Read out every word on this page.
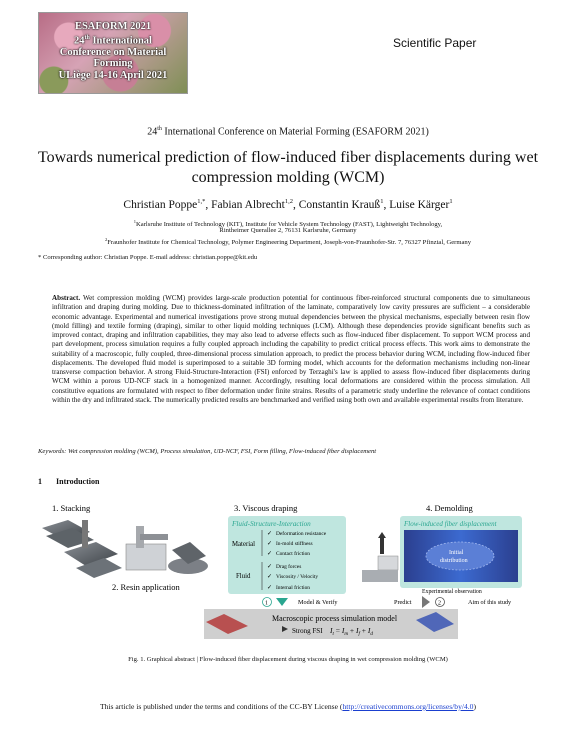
ESAFORM 2021
24th International
Conference on Material
Forming
ULiège 14-16 April 2021
Scientific Paper
24th International Conference on Material Forming (ESAFORM 2021)
Towards numerical prediction of flow-induced fiber displacements during wet compression molding (WCM)
Christian Poppe$^{1,*}$, Fabian Albrecht$^{1,2}$, Constantin Krauß$^1$, Luise Kärger$^1$
$^1$Karlsruhe Institute of Technology (KIT), Institute for Vehicle System Technology (FAST), Lightweight Technology,
Rintheimer Querallee 2, 76131 Karlsruhe, Germany
$^2$Fraunhofer Institute for Chemical Technology, Polymer Engineering Department, Joseph-von-Fraunhofer-Str. 7, 76327 Pfinztal, Germany
* Corresponding author: Christian Poppe. E-mail address: christian.poppe@kit.edu
Abstract. Wet compression molding (WCM) provides large-scale production potential for continuous fiber-reinforced structural components due to simultaneous infiltration and draping during molding. Due to thickness-dominated infiltration of the laminate, comparatively low cavity pressures are sufficient – a considerable economic advantage. Experimental and numerical investigations prove strong mutual dependencies between the physical mechanisms, especially between resin flow (mold filling) and textile forming (draping), similar to other liquid molding techniques (LCM). Although these dependencies provide significant benefits such as improved contact, draping and infiltration capabilities, they may also lead to adverse effects such as flow-induced fiber displacement. To support WCM process and part development, process simulation requires a fully coupled approach including the capability to predict critical process effects. This work aims to demonstrate the suitability of a macroscopic, fully coupled, three-dimensional process simulation approach, to predict the process behavior during WCM, including flow-induced fiber displacements. The developed fluid model is superimposed to a suitable 3D forming model, which accounts for the deformation mechanisms including non-linear transverse compaction behavior. A strong Fluid-Structure-Interaction (FSI) enforced by Terzaghi's law is applied to assess flow-induced fiber displacements during WCM within a porous UD-NCF stack in a homogenized manner. Accordingly, resulting local deformations are considered within the process simulation. All constitutive equations are formulated with respect to fiber deformation under finite strains. Results of a parametric study underline the relevance of contact conditions within the dry and infiltrated stack. The numerically predicted results are benchmarked and verified using both own and available experimental results from literature.
Keywords: Wet compression molding (WCM), Process simulation, UD-NCF, FSI, Form filling, Flow-induced fiber displacement
1 Introduction
1. Stacking	3. Viscous draping	4. Demolding
2. Resin application
Fluid-Structure-Interaction
Material
Deformation resistance
In-mold stiffness
Contact friction
✓
✓
✓
Fluid
Drag forces
Viscosity / Velocity
Internal friction
✓
✓
✓
Flow-induced fiber displacement
Initial
distribution
Experimental observation
1	Model & Verify	Predict	2	Aim of this study
Macroscopic process simulation model
Strong FSI $I_t = I_m + I_f + I_d$
Fig. 1. Graphical abstract | Flow-induced fiber displacement during viscous draping in wet compression molding (WCM)
This article is published under the terms and conditions of the CC-BY License (http://creativecommons.org/licenses/by/4.0)
